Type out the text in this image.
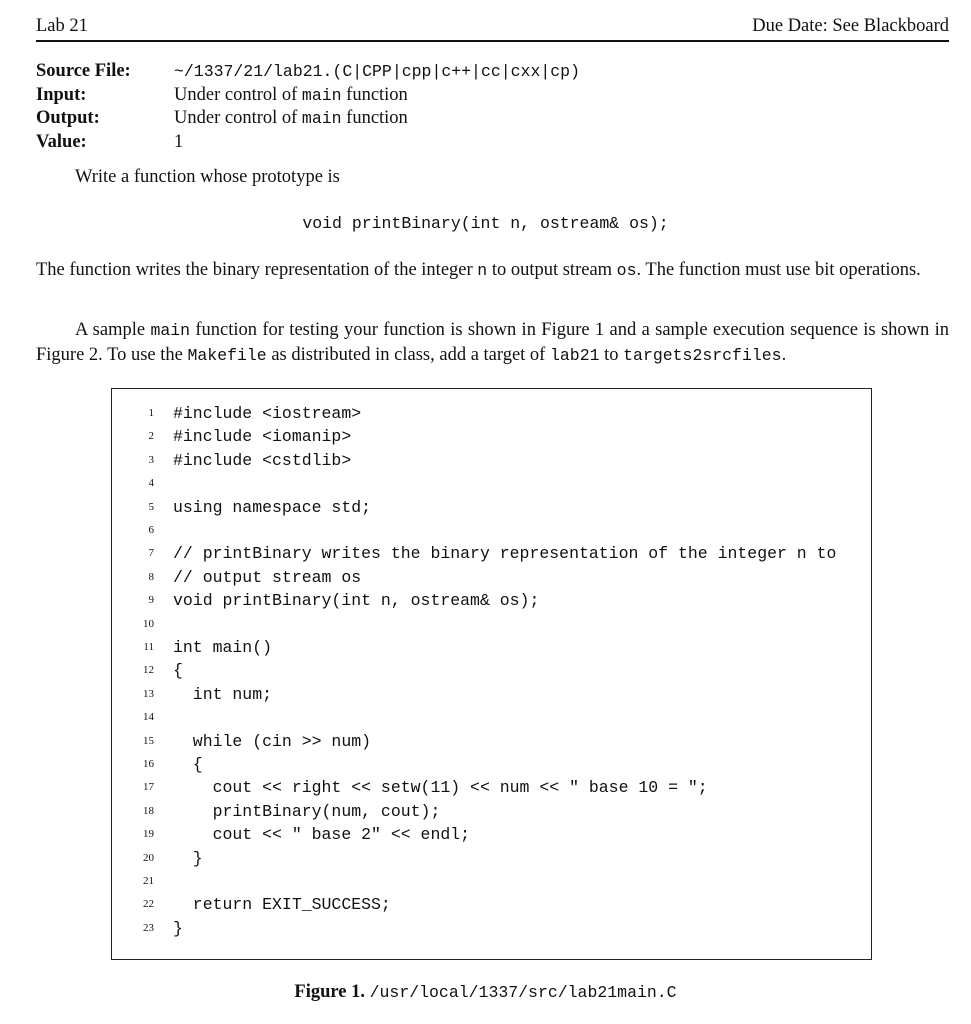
Lab 21	Due Date: See Blackboard
Source File:	~/1337/21/lab21.(C|CPP|cpp|c++|cc|cxx|cp)
Input:	Under control of main function
Output:	Under control of main function
Value:	1
Write a function whose prototype is
void printBinary(int n, ostream& os);
The function writes the binary representation of the integer n to output stream os. The function must use bit operations.
A sample main function for testing your function is shown in Figure 1 and a sample execution sequence is shown in Figure 2. To use the Makefile as distributed in class, add a target of lab21 to targets2srcfiles.
1 #include <iostream>
2 #include <iomanip>
3 #include <cstdlib>
4
5 using namespace std;
6
7 // printBinary writes the binary representation of the integer n to
8 // output stream os
9 void printBinary(int n, ostream& os);
10
11 int main()
12 {
13 int num;
14
15 while (cin >> num)
16 {
17 cout << right << setw(11) << num << " base 10 = ";
18 printBinary(num, cout);
19 cout << " base 2" << endl;
20 }
21
22 return EXIT_SUCCESS;
23 }
Figure 1. /usr/local/1337/src/lab21main.C
